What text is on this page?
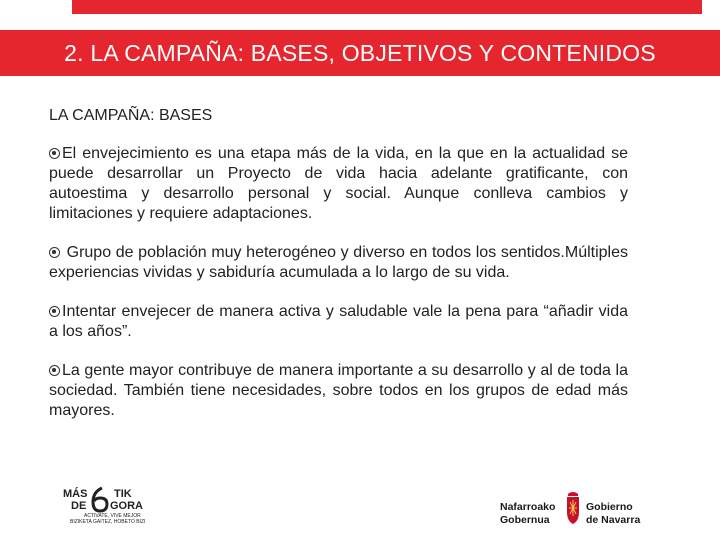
2. LA CAMPAÑA: BASES, OBJETIVOS Y CONTENIDOS
LA CAMPAÑA: BASES

El envejecimiento es una etapa más de la vida, en la que en la actualidad se puede desarrollar un Proyecto de vida hacia adelante gratificante, con autoestima y desarrollo personal y social. Aunque conlleva cambios y limitaciones y requiere adaptaciones.

Grupo de población muy heterogéneo y diverso en todos los sentidos.Múltiples experiencias vividas y sabiduría acumulada a lo largo de su vida.

Intentar envejecer de manera activa y saludable vale la pena para “añadir vida a los años”.

La gente mayor contribuye de manera importante a su desarrollo y al de toda la sociedad. También tiene necesidades, sobre todos en los grupos de edad más mayores.

MÁS TIK
DE GORA
ACTIVATE, VIVE MEJOR
BIZIKETA GAITEZ, HOBETO BIZI
Nafarroako
Gobernua
Gobierno
de Navarra
